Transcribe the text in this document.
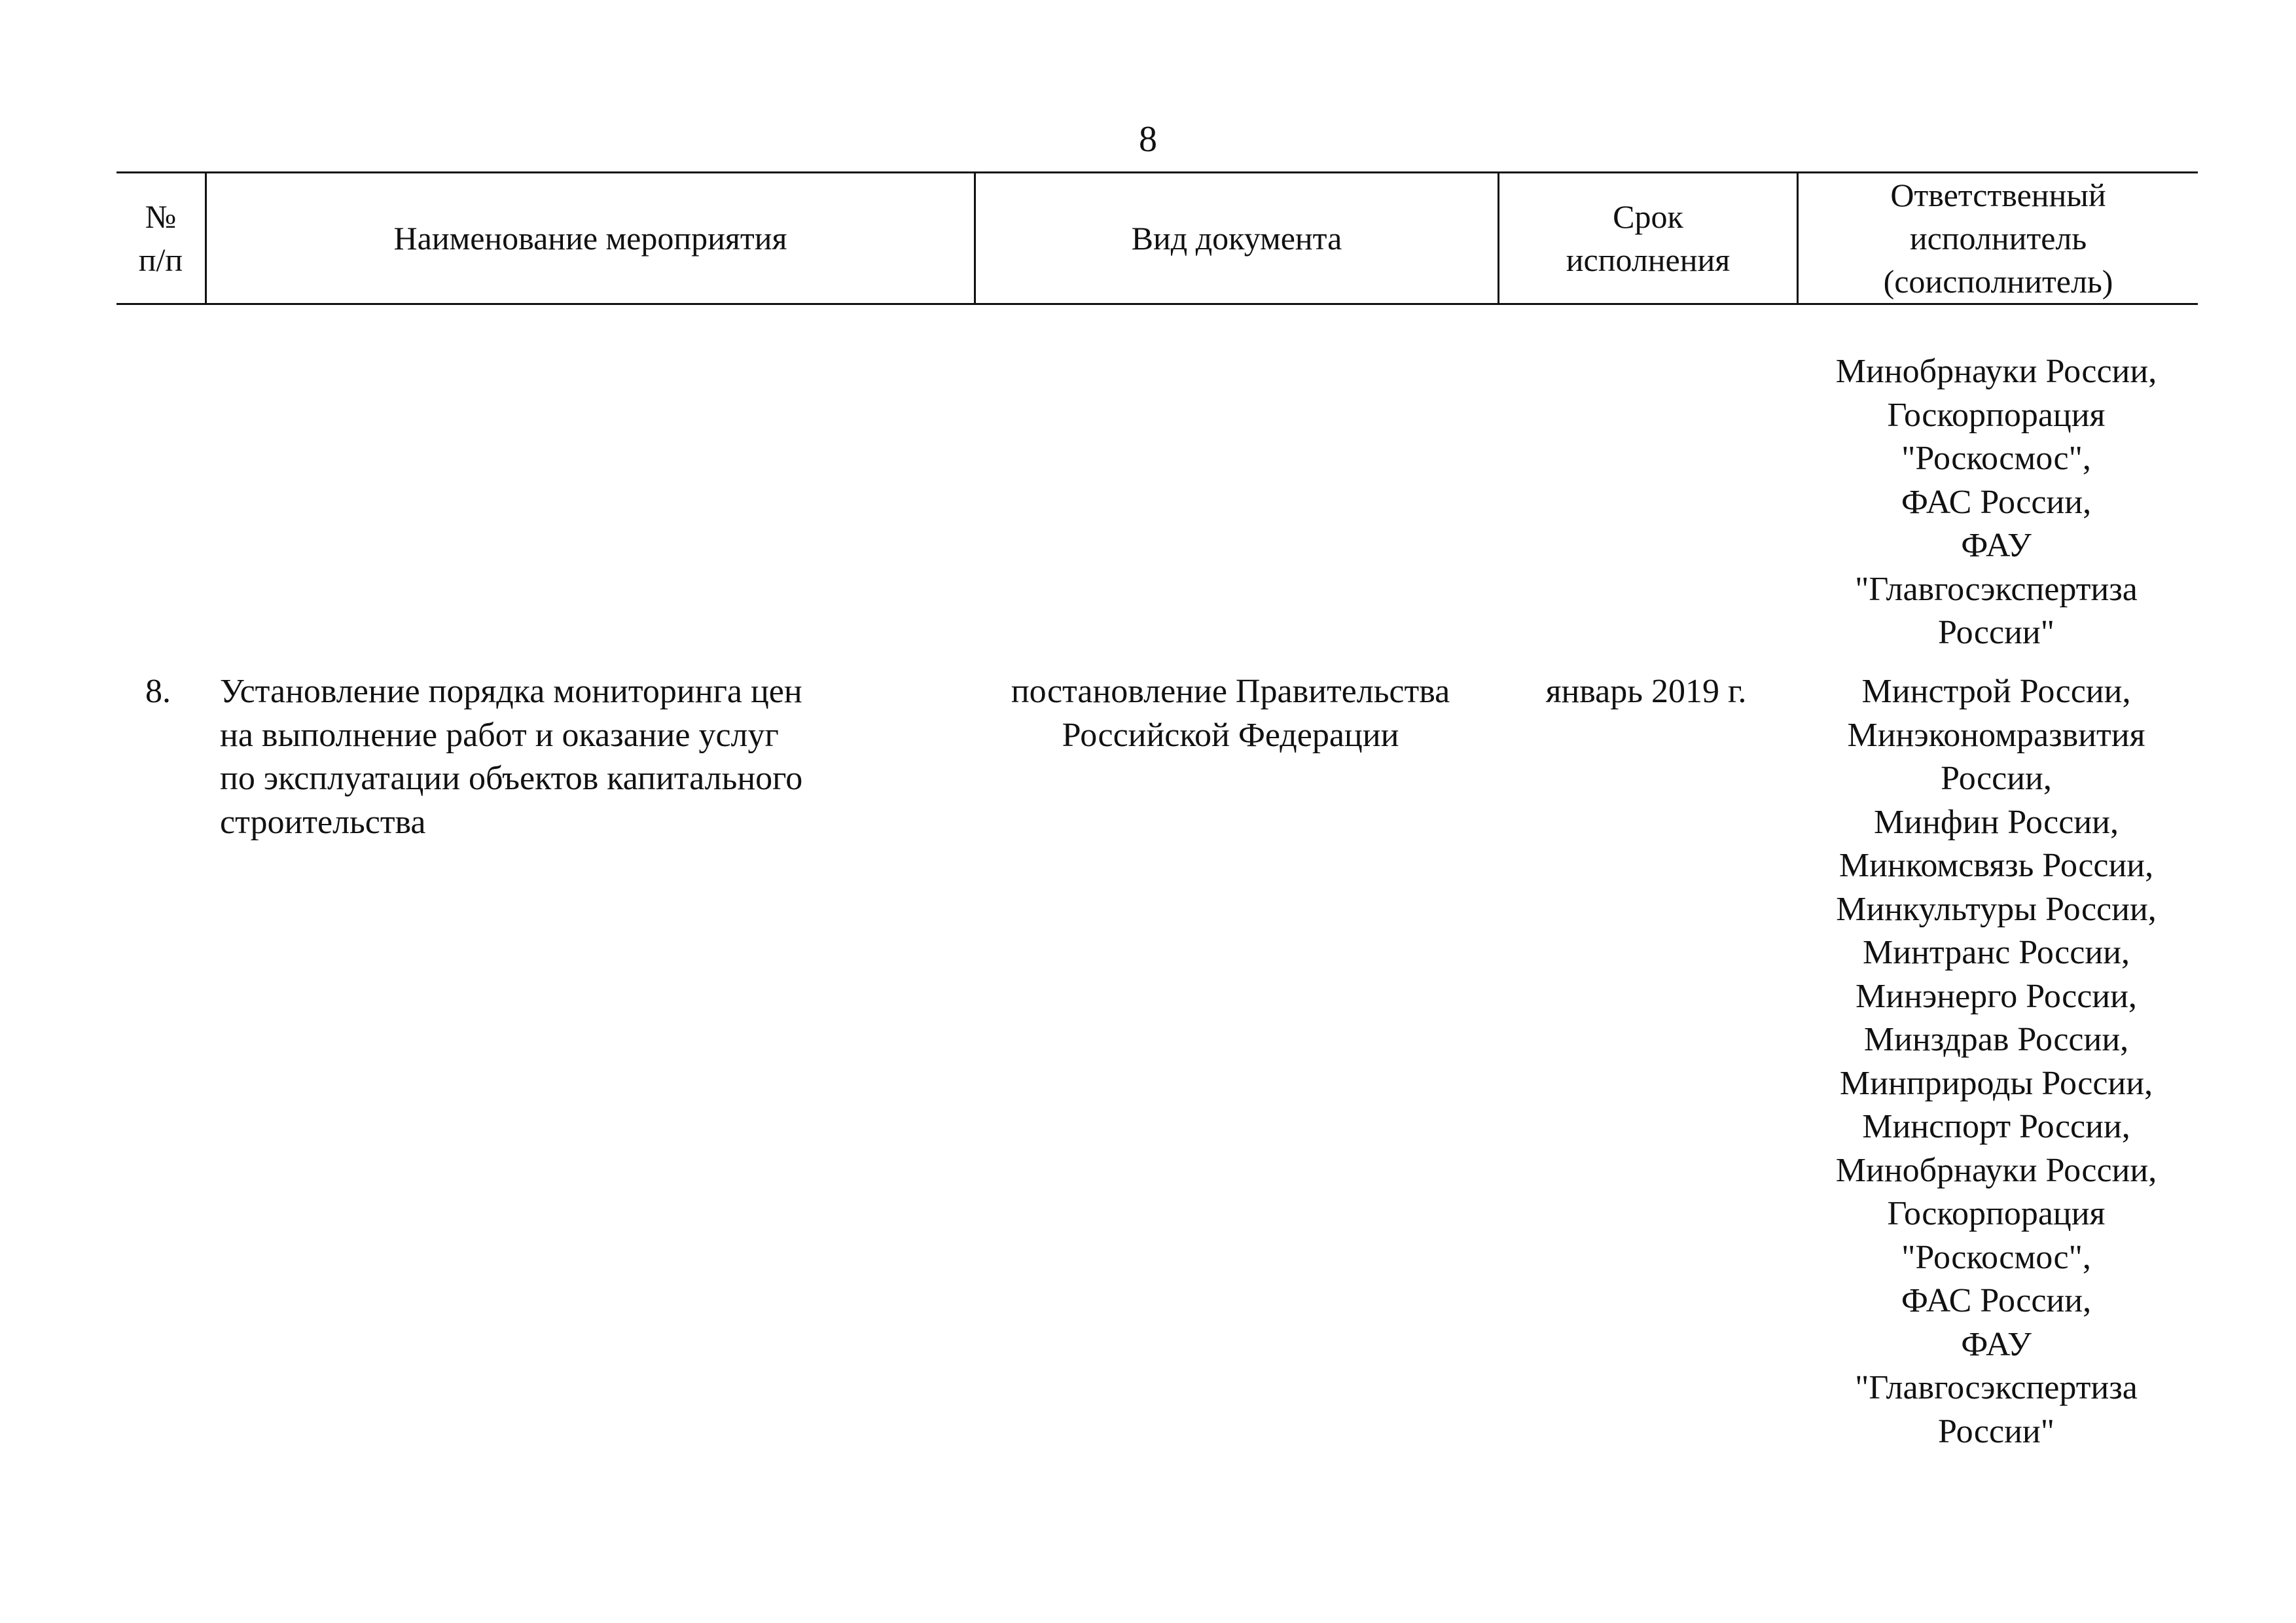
8
№
п/п
Наименование мероприятия	Вид документа
Срок
исполнения
Ответственный
исполнитель
(соисполнитель)
Минобрнауки России,
Госкорпорация
"Роскосмос",
ФАС России,
ФАУ
"Главгосэкспертиза
России"
8. Установление порядка мониторинга цен
на выполнение работ и оказание услуг
по эксплуатации объектов капитального
строительства
постановление Правительства
Российской Федерации
январь 2019 г.	Минстрой России,
Минэкономразвития
России,
Минфин России,
Минкомсвязь России,
Минкультуры России,
Минтранс России,
Минэнерго России,
Минздрав России,
Минприроды России,
Минспорт России,
Минобрнауки России,
Госкорпорация
"Роскосмос",
ФАС России,
ФАУ
"Главгосэкспертиза
России"
